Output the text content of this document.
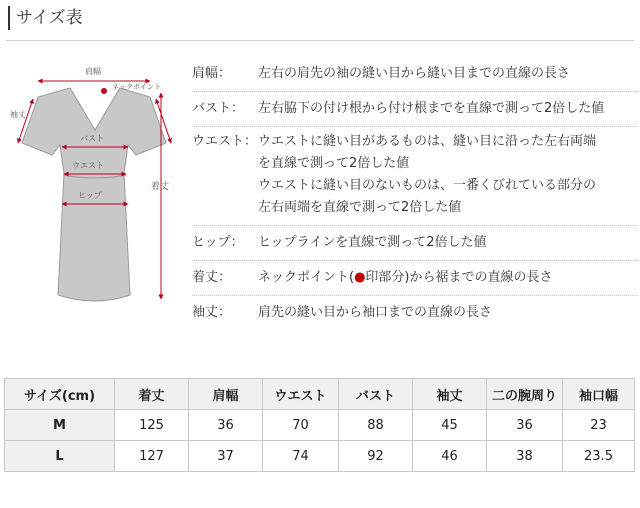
サイズ表
肩幅
ネックポイント
袖丈
バスト
ウエスト
ヒップ
着丈
肩幅：	左右の肩先の袖の縫い目から縫い目までの直線の長さ
バスト：	左右脇下の付け根から付け根までを直線で測って2倍した値
ウエスト： ウエストに縫い目があるものは、縫い目に沿った左右両端
を直線で測って2倍した値
ウエストに縫い目のないものは、一番くびれている部分の
左右両端を直線で測って2倍した値
ヒップ：	ヒップラインを直線で測って2倍した値
着丈：	ネックポイント(●印部分)から裾までの直線の長さ
袖丈：	肩先の縫い目から袖口までの直線の長さ
サイズ(cm)	着丈	肩幅	ウエスト	バスト	袖丈	二の腕周り	袖口幅
M	125	36	70	88	45	36	23
L	127	37	74	92	46	38	23.5
